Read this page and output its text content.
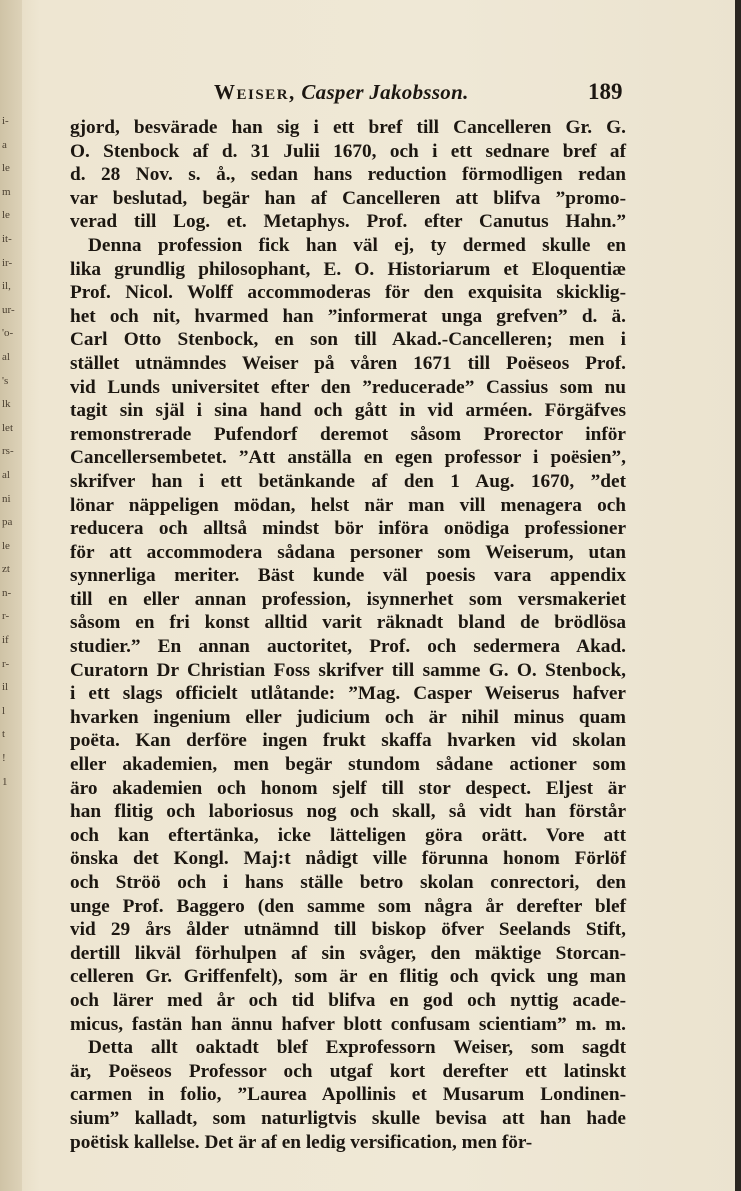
i-
a
le
m
le
it-
ir-
il,
ur-
'o-
al
's
lk
let
rs-
al
ni
pa
le
zt
n-
r-
if
r-
il
l
t
!
1
Weiser, Casper Jakobsson.	189
gjord, besvärade han sig i ett bref till Cancelleren Gr. G.
O. Stenbock af d. 31 Julii 1670, och i ett sednare bref af
d. 28 Nov. s. å., sedan hans reduction förmodligen redan
var beslutad, begär han af Cancelleren att blifva ”promo-
verad till Log. et. Metaphys. Prof. efter Canutus Hahn.”
Denna profession fick han väl ej, ty dermed skulle en
lika grundlig philosophant, E. O. Historiarum et Eloquentiæ
Prof. Nicol. Wolff accommoderas för den exquisita skicklig-
het och nit, hvarmed han ”informerat unga grefven” d. ä.
Carl Otto Stenbock, en son till Akad.-Cancelleren; men i
stället utnämndes Weiser på våren 1671 till Poëseos Prof.
vid Lunds universitet efter den ”reducerade” Cassius som nu
tagit sin själ i sina hand och gått in vid arméen. Förgäfves
remonstrerade Pufendorf deremot såsom Prorector inför
Cancellersembetet. ”Att anställa en egen professor i poësien”,
skrifver han i ett betänkande af den 1 Aug. 1670, ”det
lönar näppeligen mödan, helst när man vill menagera och
reducera och alltså mindst bör införa onödiga professioner
för att accommodera sådana personer som Weiserum, utan
synnerliga meriter. Bäst kunde väl poesis vara appendix
till en eller annan profession, isynnerhet som versmakeriet
såsom en fri konst alltid varit räknadt bland de brödlösa
studier.” En annan auctoritet, Prof. och sedermera Akad.
Curatorn Dr Christian Foss skrifver till samme G. O. Stenbock,
i ett slags officielt utlåtande: ”Mag. Casper Weiserus hafver
hvarken ingenium eller judicium och är nihil minus quam
poëta. Kan derföre ingen frukt skaffa hvarken vid skolan
eller akademien, men begär stundom sådane actioner som
äro akademien och honom sjelf till stor despect. Eljest är
han flitig och laboriosus nog och skall, så vidt han förstår
och kan eftertänka, icke lätteligen göra orätt. Vore att
önska det Kongl. Maj:t nådigt ville förunna honom Förlöf
och Ströö och i hans ställe betro skolan conrectori, den
unge Prof. Baggero (den samme som några år derefter blef
vid 29 års ålder utnämnd till biskop öfver Seelands Stift,
dertill likväl förhulpen af sin svåger, den mäktige Storcan-
celleren Gr. Griffenfelt), som är en flitig och qvick ung man
och lärer med år och tid blifva en god och nyttig acade-
micus, fastän han ännu hafver blott confusam scientiam” m. m.
Detta allt oaktadt blef Exprofessorn Weiser, som sagdt
är, Poëseos Professor och utgaf kort derefter ett latinskt
carmen in folio, ”Laurea Apollinis et Musarum Londinen-
sium” kalladt, som naturligtvis skulle bevisa att han hade
poëtisk kallelse. Det är af en ledig versification, men för-
